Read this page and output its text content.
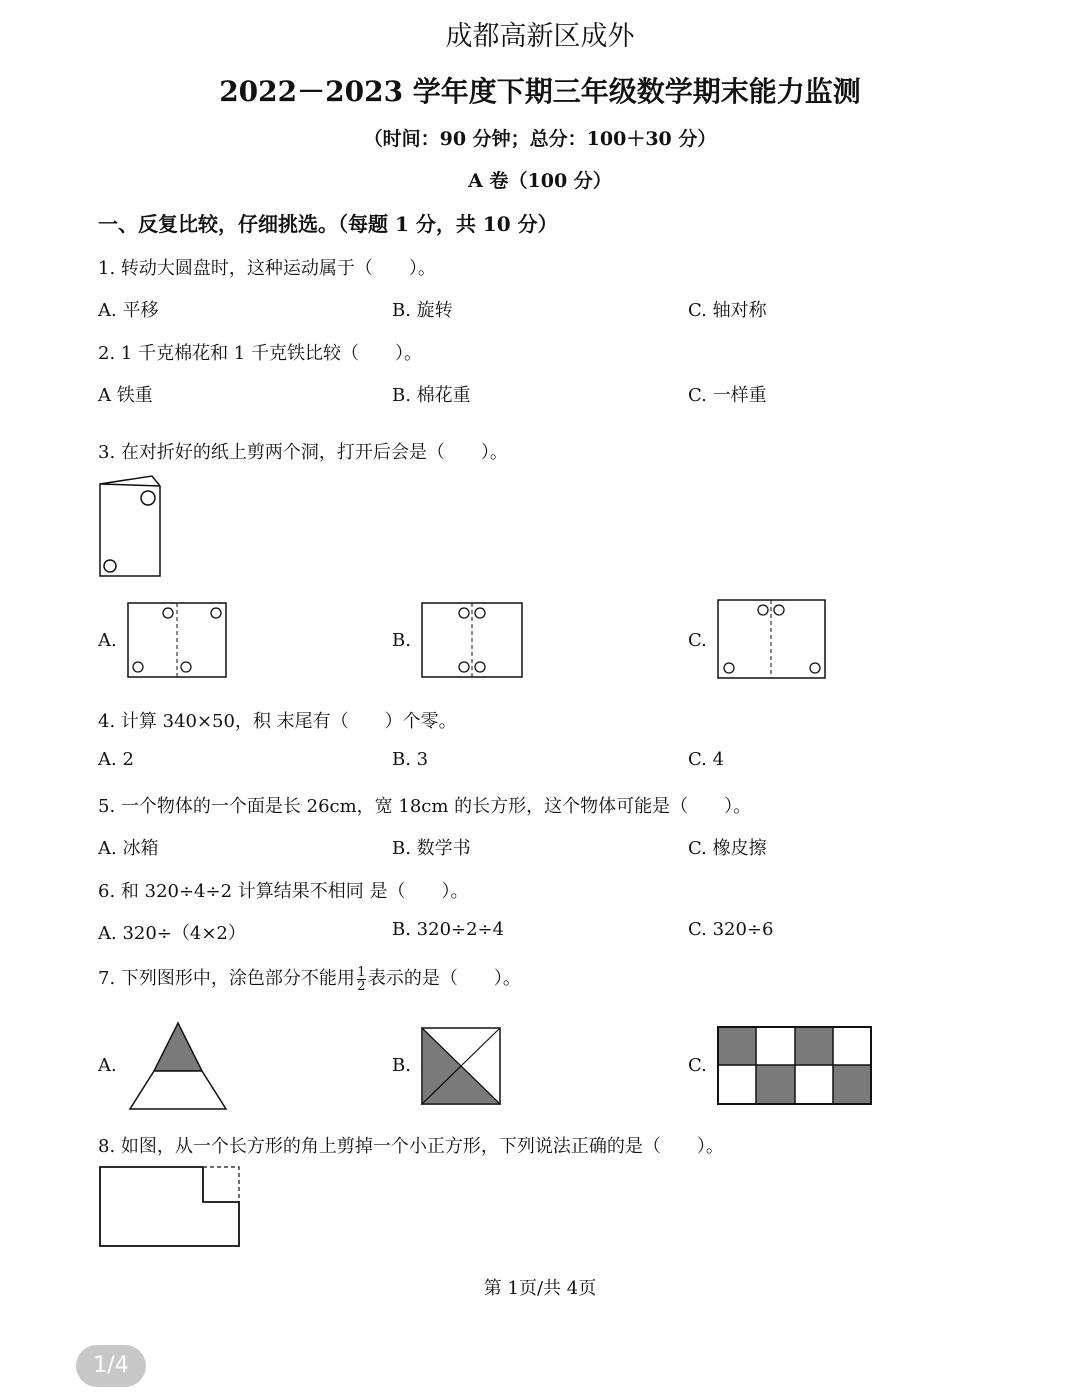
成都高新区成外
2022－2023 学年度下期三年级数学期末能力监测
（时间：90 分钟；总分：100＋30 分）
A 卷（100 分）
一、反复比较，仔细挑选。（每题 1 分，共 10 分）
1. 转动大圆盘时，这种运动属于（　　）。
A. 平移	B. 旋转	C. 轴对称
2. 1 千克棉花和 1 千克铁比较（　　）。
A 铁重	B. 棉花重	C. 一样重
3. 在对折好的纸上剪两个洞，打开后会是（　　）。
A.	B.	C.
4. 计算 340×50，积 末尾有（　　）个零。
A. 2	B. 3	C. 4
5. 一个物体的一个面是长 26cm，宽 18cm 的长方形，这个物体可能是（　　）。
A. 冰箱	B. 数学书	C. 橡皮擦
6. 和 320÷4÷2 计算结果不相同 是（　　）。
A. 320÷（4×2）	B. 320÷2÷4	C. 320÷6
7. 下列图形中，涂色部分不能用 $\frac{1}{2}$ 表示的是（　　）。
A.	B.	C.
8. 如图，从一个长方形的角上剪掉一个小正方形，下列说法正确的是（　　）。
第 1页/共 4页
1/4
